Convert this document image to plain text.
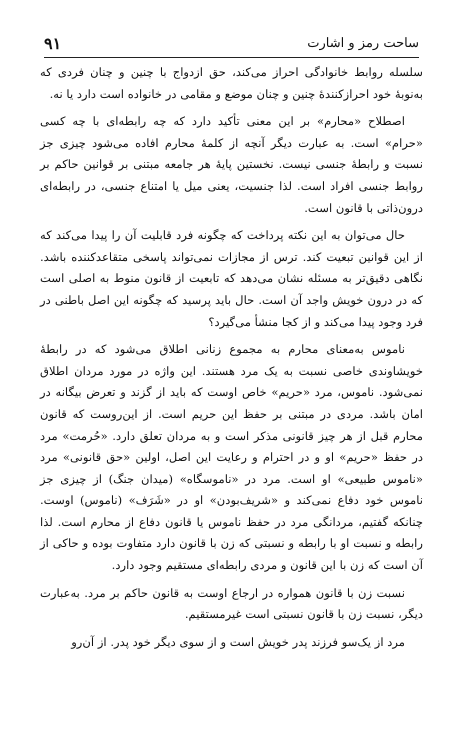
۹۱	ساحت رمز و اشارت

سلسله روابط خانوادگی احراز می‌کند، حق ازدواج با چنین و چنان فردی که به‌نوبهٔ خود احرازکنندهٔ چنین و چنان موضع و مقامی در خانواده است دارد یا نه.

اصطلاح «محارم» بر این معنی تأکید دارد که چه رابطه‌ای با چه کسی «حرام» است. به عبارت دیگر آنچه از کلمهٔ محارم افاده می‌شود چیزی جز نسبت و رابطهٔ جنسی نیست. نخستین پایهٔ هر جامعه مبتنی بر قوانین حاکم بر روابط جنسی افراد است. لذا جنسیت، یعنی میل یا امتناع جنسی، در رابطه‌ای درون‌ذاتی با قانون است.

حال می‌توان به این نکته پرداخت که چگونه فرد قابلیت آن را پیدا می‌کند که از این قوانین تبعیت کند. ترس از مجازات نمی‌تواند پاسخی متقاعدکننده باشد. نگاهی دقیق‌تر به مسئله نشان می‌دهد که تابعیت از قانون منوط به اصلی است که در درون خویش واجد آن است. حال باید پرسید که چگونه این اصل باطنی در فرد وجود پیدا می‌کند و از کجا منشأ می‌گیرد؟

ناموس به‌معنای محارم به مجموع زنانی اطلاق می‌شود که در رابطهٔ خویشاوندی خاصی نسبت به یک مرد هستند. این واژه در مورد مردان اطلاق نمی‌شود. ناموس، مرد «حریم» خاص اوست که باید از گزند و تعرض بیگانه در امان باشد. مردی در مبتنی بر حفظ این حریم است. از این‌روست که قانون محارم قبل از هر چیز قانونی مذکر است و به مردان تعلق دارد. «حُرمت» مرد در حفظ «حریم» او و در احترام و رعایت این اصل، اولین «حق قانونی» مرد «ناموس طبیعی» او است. مرد در «ناموسگاه» (میدان جنگ) از چیزی جز ناموس خود دفاع نمی‌کند و «شریف‌بودن» او در «شَرَف» (ناموس) اوست. چنانکه گفتیم، مردانگی مرد در حفظ ناموس یا قانون دفاع از محارم است. لذا رابطه و نسبت او با رابطه و نسبتی که زن با قانون دارد متفاوت بوده و حاکی از آن است که زن با این قانون و مردی رابطه‌ای مستقیم وجود دارد.

نسبت زن با قانون همواره در ارجاع اوست به قانون حاکم بر مرد. به‌عبارت دیگر، نسبت زن با قانون نسبتی است غیرمستقیم.

مرد از یک‌سو فرزند پدر خویش است و از سوی دیگر خود پدر. از آن‌رو
